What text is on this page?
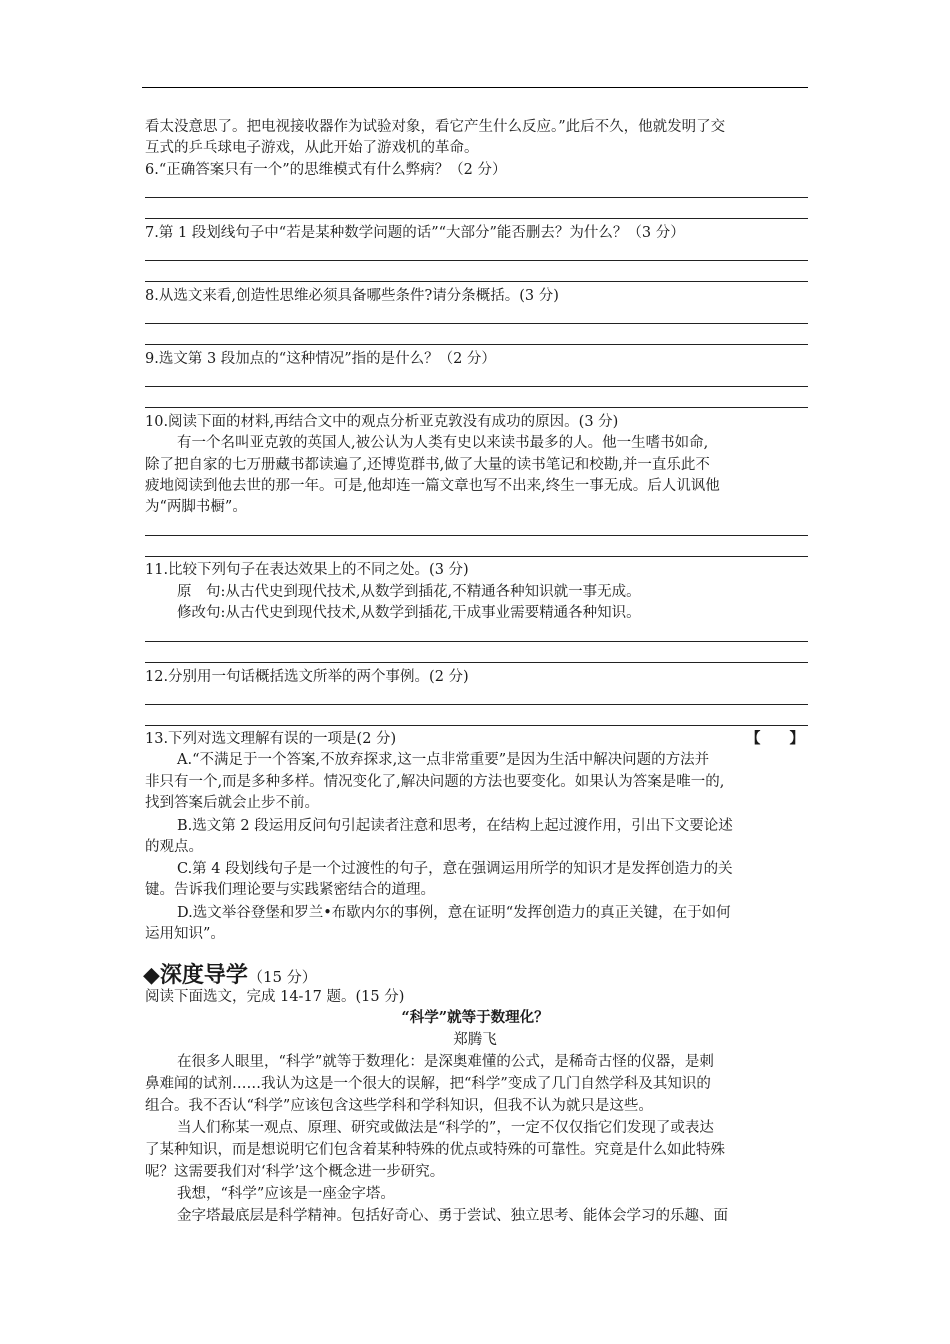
看太没意思了。把电视接收器作为试验对象，看它产生什么反应。”此后不久，他就发明了交
互式的乒乓球电子游戏，从此开始了游戏机的革命。
6.“正确答案只有一个”的思维模式有什么弊病？（2 分）
7.第 1 段划线句子中“若是某种数学问题的话”“大部分”能否删去？为什么？（3 分）
8.从选文来看,创造性思维必须具备哪些条件?请分条概括。(3 分)
9.选文第 3 段加点的“这种情况”指的是什么？（2 分）
10.阅读下面的材料,再结合文中的观点分析亚克敦没有成功的原因。(3 分)
有一个名叫亚克敦的英国人,被公认为人类有史以来读书最多的人。他一生嗜书如命,
除了把自家的七万册藏书都读遍了,还博览群书,做了大量的读书笔记和校勘,并一直乐此不
疲地阅读到他去世的那一年。可是,他却连一篇文章也写不出来,终生一事无成。后人讥讽他
为“两脚书橱”。
11.比较下列句子在表达效果上的不同之处。(3 分)
原　句:从古代史到现代技术,从数学到插花,不精通各种知识就一事无成。
修改句:从古代史到现代技术,从数学到插花,干成事业需要精通各种知识。
12.分别用一句话概括选文所举的两个事例。(2 分)
13.下列对选文理解有误的一项是(2 分)	【　　】
A.“不满足于一个答案,不放弃探求,这一点非常重要”是因为生活中解决问题的方法并
非只有一个,而是多种多样。情况变化了,解决问题的方法也要变化。如果认为答案是唯一的,
找到答案后就会止步不前。
B.选文第 2 段运用反问句引起读者注意和思考，在结构上起过渡作用，引出下文要论述
的观点。
C.第 4 段划线句子是一个过渡性的句子，意在强调运用所学的知识才是发挥创造力的关
键。告诉我们理论要与实践紧密结合的道理。
D.选文举谷登堡和罗兰•布歇内尔的事例，意在证明“发挥创造力的真正关键，在于如何
运用知识”。
◆深度导学（15 分）
阅读下面选文，完成 14-17 题。(15 分)
“科学”就等于数理化？
郑腾飞
在很多人眼里，“科学”就等于数理化：是深奥难懂的公式，是稀奇古怪的仪器，是刺
鼻难闻的试剂……我认为这是一个很大的误解，把“科学”变成了几门自然学科及其知识的
组合。我不否认“科学”应该包含这些学科和学科知识，但我不认为就只是这些。
当人们称某一观点、原理、研究或做法是“科学的”，一定不仅仅指它们发现了或表达
了某种知识，而是想说明它们包含着某种特殊的优点或特殊的可靠性。究竟是什么如此特殊
呢？这需要我们对‘科学’这个概念进一步研究。
我想，“科学”应该是一座金字塔。
金字塔最底层是科学精神。包括好奇心、勇于尝试、独立思考、能体会学习的乐趣、面
